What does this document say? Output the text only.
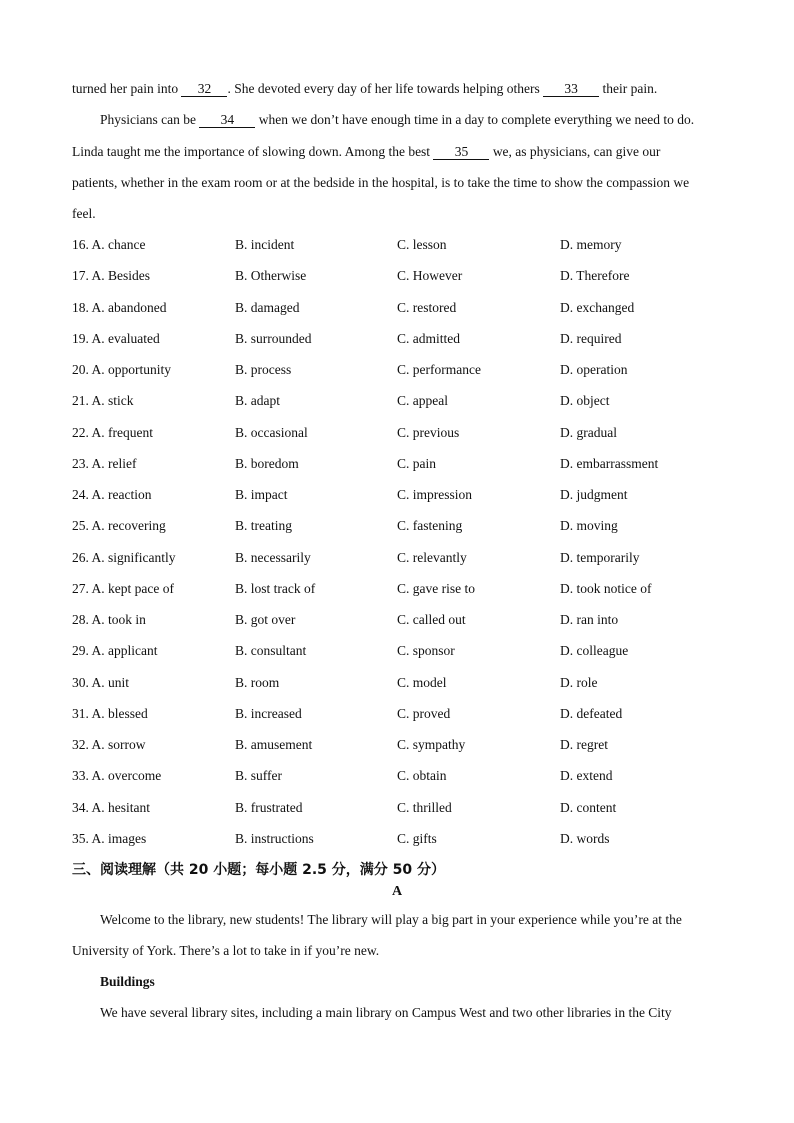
turned her pain into 32 . She devoted every day of her life towards helping others 33 their pain.
Physicians can be 34 when we don’t have enough time in a day to complete everything we need to do.
Linda taught me the importance of slowing down. Among the best 35 we, as physicians, can give our
patients, whether in the exam room or at the bedside in the hospital, is to take the time to show the compassion we
feel.
16. A. chance	B. incident	C. lesson	D. memory
17. A. Besides	B. Otherwise	C. However	D. Therefore
18. A. abandoned	B. damaged	C. restored	D. exchanged
19. A. evaluated	B. surrounded	C. admitted	D. required
20. A. opportunity	B. process	C. performance	D. operation
21. A. stick	B. adapt	C. appeal	D. object
22. A. frequent	B. occasional	C. previous	D. gradual
23. A. relief	B. boredom	C. pain	D. embarrassment
24. A. reaction	B. impact	C. impression	D. judgment
25. A. recovering	B. treating	C. fastening	D. moving
26. A. significantly	B. necessarily	C. relevantly	D. temporarily
27. A. kept pace of	B. lost track of	C. gave rise to	D. took notice of
28. A. took in	B. got over	C. called out	D. ran into
29. A. applicant	B. consultant	C. sponsor	D. colleague
30. A. unit	B. room	C. model	D. role
31. A. blessed	B. increased	C. proved	D. defeated
32. A. sorrow	B. amusement	C. sympathy	D. regret
33. A. overcome	B. suffer	C. obtain	D. extend
34. A. hesitant	B. frustrated	C. thrilled	D. content
35. A. images	B. instructions	C. gifts	D. words
三、阅读理解（共 20 小题；每小题 2.5 分，满分 50 分）
A
Welcome to the library, new students! The library will play a big part in your experience while you’re at the
University of York. There’s a lot to take in if you’re new.
Buildings
We have several library sites, including a main library on Campus West and two other libraries in the City
